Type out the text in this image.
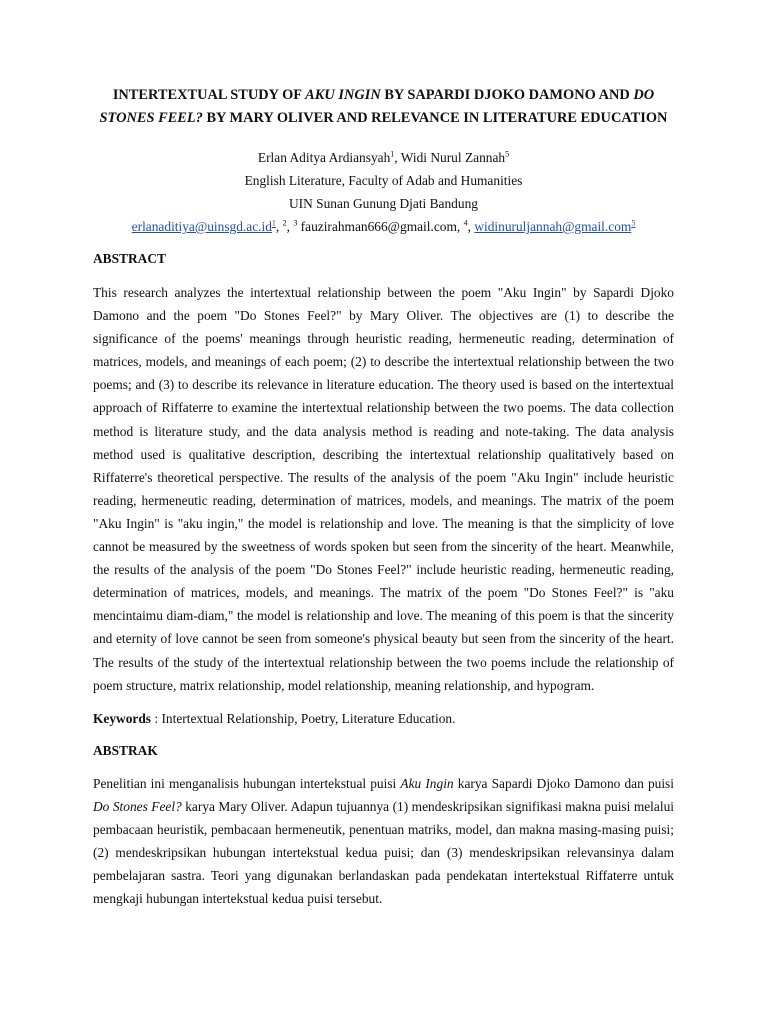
INTERTEXTUAL STUDY OF AKU INGIN BY SAPARDI DJOKO DAMONO AND DO STONES FEEL? BY MARY OLIVER AND RELEVANCE IN LITERATURE EDUCATION
Erlan Aditya Ardiansyah$^1$, Widi Nurul Zannah$^5$
English Literature, Faculty of Adab and Humanities
UIN Sunan Gunung Djati Bandung
$erlanaditiya@uinsgd.ac.id^1$, $^2$, $^3$ fauzirahman666@gmail.com, $^4$, widinuruljannah@gmail.com$^5$
ABSTRACT
This research analyzes the intertextual relationship between the poem "Aku Ingin" by Sapardi Djoko Damono and the poem "Do Stones Feel?" by Mary Oliver. The objectives are (1) to describe the significance of the poems' meanings through heuristic reading, hermeneutic reading, determination of matrices, models, and meanings of each poem; (2) to describe the intertextual relationship between the two poems; and (3) to describe its relevance in literature education. The theory used is based on the intertextual approach of Riffaterre to examine the intertextual relationship between the two poems. The data collection method is literature study, and the data analysis method is reading and note-taking. The data analysis method used is qualitative description, describing the intertextual relationship qualitatively based on Riffaterre's theoretical perspective. The results of the analysis of the poem "Aku Ingin" include heuristic reading, hermeneutic reading, determination of matrices, models, and meanings. The matrix of the poem "Aku Ingin" is "aku ingin," the model is relationship and love. The meaning is that the simplicity of love cannot be measured by the sweetness of words spoken but seen from the sincerity of the heart. Meanwhile, the results of the analysis of the poem "Do Stones Feel?" include heuristic reading, hermeneutic reading, determination of matrices, models, and meanings. The matrix of the poem "Do Stones Feel?" is "aku mencintaimu diam-diam," the model is relationship and love. The meaning of this poem is that the sincerity and eternity of love cannot be seen from someone's physical beauty but seen from the sincerity of the heart. The results of the study of the intertextual relationship between the two poems include the relationship of poem structure, matrix relationship, model relationship, meaning relationship, and hypogram.
Keywords : Intertextual Relationship, Poetry, Literature Education.
ABSTRAK
Penelitian ini menganalisis hubungan intertekstual puisi Aku Ingin karya Sapardi Djoko Damono dan puisi Do Stones Feel? karya Mary Oliver. Adapun tujuannya (1) mendeskripsikan signifikasi makna puisi melalui pembacaan heuristik, pembacaan hermeneutik, penentuan matriks, model, dan makna masing-masing puisi; (2) mendeskripsikan hubungan intertekstual kedua puisi; dan (3) mendeskripsikan relevansinya dalam pembelajaran sastra. Teori yang digunakan berlandaskan pada pendekatan intertekstual Riffaterre untuk mengkaji hubungan intertekstual kedua puisi tersebut.
